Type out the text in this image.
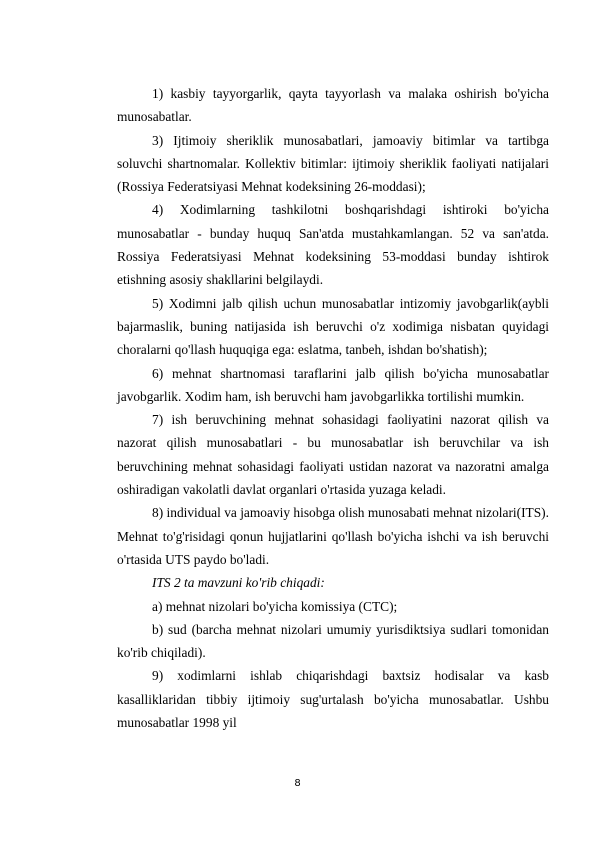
1) kasbiy tayyorgarlik, qayta tayyorlash va malaka oshirish bo'yicha munosabatlar.

3) Ijtimoiy sheriklik munosabatlari, jamoaviy bitimlar va tartibga soluvchi shartnomalar. Kollektiv bitimlar: ijtimoiy sheriklik faoliyati natijalari (Rossiya Federatsiyasi Mehnat kodeksining 26-moddasi);

4) Xodimlarning tashkilotni boshqarishdagi ishtiroki bo'yicha munosabatlar - bunday huquq San'atda mustahkamlangan. 52 va san'atda. Rossiya Federatsiyasi Mehnat kodeksining 53-moddasi bunday ishtirok etishning asosiy shakllarini belgilaydi.

5) Xodimni jalb qilish uchun munosabatlar intizomiy javobgarlik(aybli bajarmaslik, buning natijasida ish beruvchi o'z xodimiga nisbatan quyidagi choralarni qo'llash huquqiga ega: eslatma, tanbeh, ishdan bo'shatish);

6) mehnat shartnomasi taraflarini jalb qilish bo'yicha munosabatlar javobgarlik. Xodim ham, ish beruvchi ham javobgarlikka tortilishi mumkin.

7) ish beruvchining mehnat sohasidagi faoliyatini nazorat qilish va nazorat qilish munosabatlari - bu munosabatlar ish beruvchilar va ish beruvchining mehnat sohasidagi faoliyati ustidan nazorat va nazoratni amalga oshiradigan vakolatli davlat organlari o'rtasida yuzaga keladi.

8) individual va jamoaviy hisobga olish munosabati mehnat nizolari(ITS). Mehnat to'g'risidagi qonun hujjatlarini qo'llash bo'yicha ishchi va ish beruvchi o'rtasida UTS paydo bo'ladi.

ITS 2 ta mavzuni ko'rib chiqadi:

a) mehnat nizolari bo'yicha komissiya (CTC);

b) sud (barcha mehnat nizolari umumiy yurisdiktsiya sudlari tomonidan ko'rib chiqiladi).

9) xodimlarni ishlab chiqarishdagi baxtsiz hodisalar va kasb kasalliklaridan tibbiy ijtimoiy sug'urtalash bo'yicha munosabatlar. Ushbu munosabatlar 1998 yil

8
